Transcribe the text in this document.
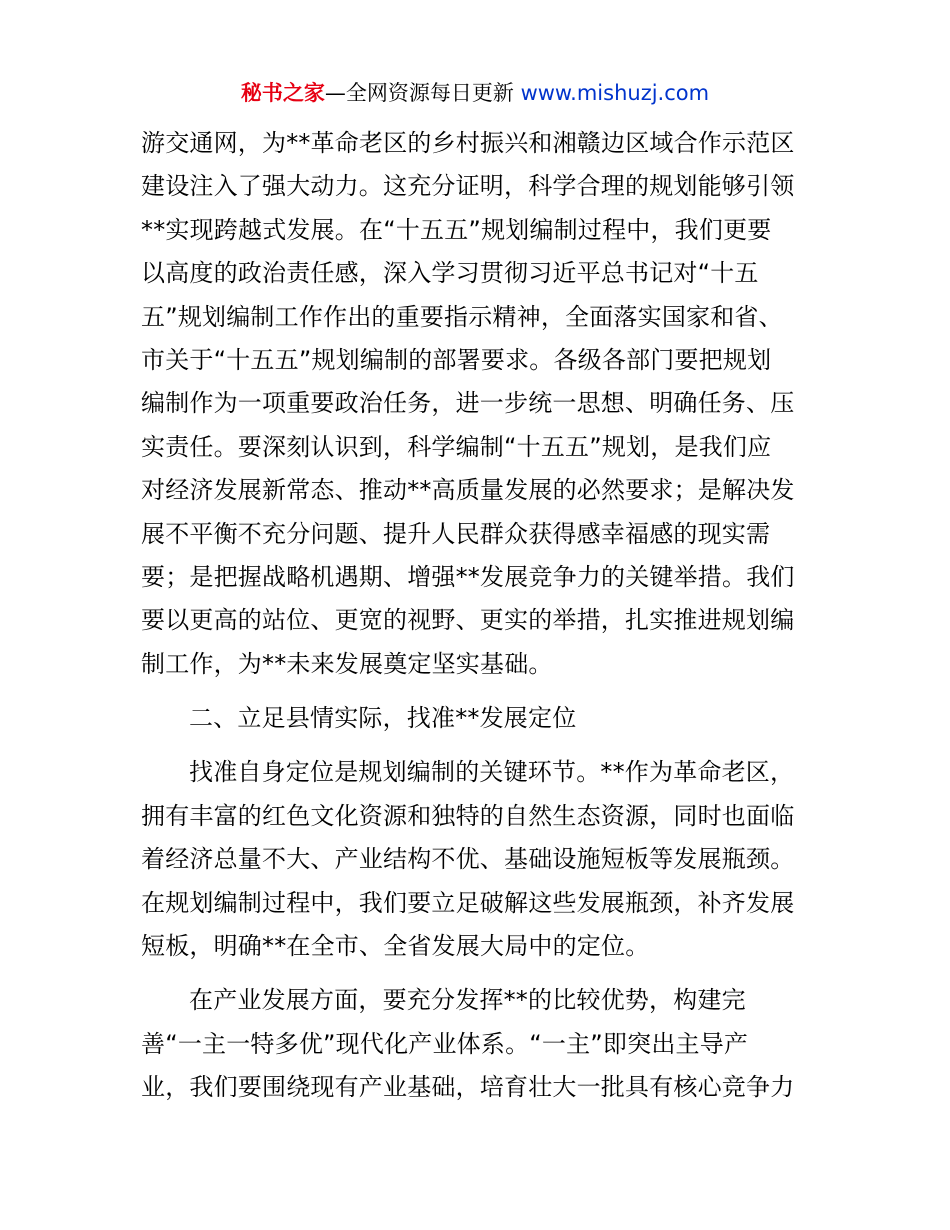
秘书之家—全网资源每日更新 www.mishuzj.com
游交通网，为**革命老区的乡村振兴和湘赣边区域合作示范区
建设注入了强大动力。这充分证明，科学合理的规划能够引领
**实现跨越式发展。在“十五五”规划编制过程中，我们更要
以高度的政治责任感，深入学习贯彻习近平总书记对“十五
五”规划编制工作作出的重要指示精神，全面落实国家和省、
市关于“十五五”规划编制的部署要求。各级各部门要把规划
编制作为一项重要政治任务，进一步统一思想、明确任务、压
实责任。要深刻认识到，科学编制“十五五”规划，是我们应
对经济发展新常态、推动**高质量发展的必然要求；是解决发
展不平衡不充分问题、提升人民群众获得感幸福感的现实需
要；是把握战略机遇期、增强**发展竞争力的关键举措。我们
要以更高的站位、更宽的视野、更实的举措，扎实推进规划编
制工作，为**未来发展奠定坚实基础。
二、立足县情实际，找准**发展定位
找准自身定位是规划编制的关键环节。**作为革命老区，
拥有丰富的红色文化资源和独特的自然生态资源，同时也面临
着经济总量不大、产业结构不优、基础设施短板等发展瓶颈。
在规划编制过程中，我们要立足破解这些发展瓶颈，补齐发展
短板，明确**在全市、全省发展大局中的定位。
在产业发展方面，要充分发挥**的比较优势，构建完
善“一主一特多优”现代化产业体系。“一主”即突出主导产
业，我们要围绕现有产业基础，培育壮大一批具有核心竞争力
